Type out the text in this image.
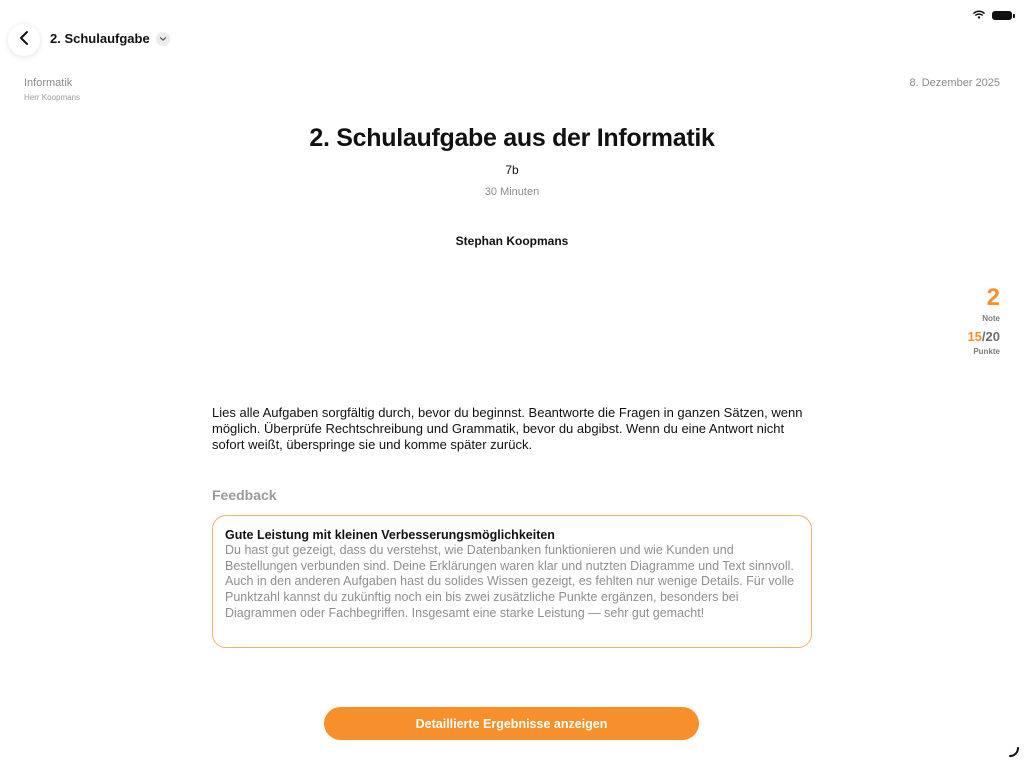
2. Schulaufgabe
Informatik
Herr Koopmans
8. Dezember 2025
2. Schulaufgabe aus der Informatik
7b
30 Minuten
Stephan Koopmans
2
Note
15/20
Punkte
Lies alle Aufgaben sorgfältig durch, bevor du beginnst. Beantworte die Fragen in ganzen Sätzen, wenn möglich. Überprüfe Rechtschreibung und Grammatik, bevor du abgibst. Wenn du eine Antwort nicht sofort weißt, überspringe sie und komme später zurück.
Feedback
Gute Leistung mit kleinen Verbesserungsmöglichkeiten
Du hast gut gezeigt, dass du verstehst, wie Datenbanken funktionieren und wie Kunden und Bestellungen verbunden sind. Deine Erklärungen waren klar und nutzten Diagramme und Text sinnvoll. Auch in den anderen Aufgaben hast du solides Wissen gezeigt, es fehlten nur wenige Details. Für volle Punktzahl kannst du zukünftig noch ein bis zwei zusätzliche Punkte ergänzen, besonders bei Diagrammen oder Fachbegriffen. Insgesamt eine starke Leistung — sehr gut gemacht!
Detaillierte Ergebnisse anzeigen
